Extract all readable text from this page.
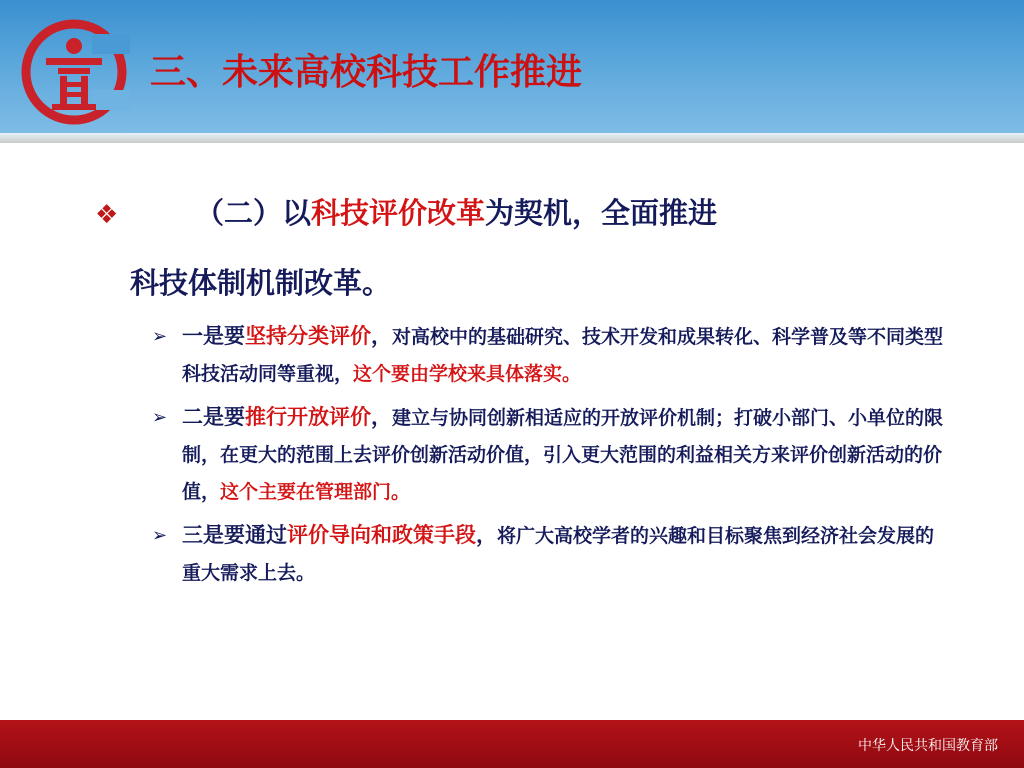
三、未来高校科技工作推进
❖	（二）以科技评价改革为契机，全面推进
科技体制机制改革。
➢ 一是要坚持分类评价，对高校中的基础研究、技术开发和成果转化、科学普及等不同类型科技活动同等重视，这个要由学校来具体落实。
➢ 二是要推行开放评价，建立与协同创新相适应的开放评价机制；打破小部门、小单位的限制，在更大的范围上去评价创新活动价值，引入更大范围的利益相关方来评价创新活动的价值，这个主要在管理部门。
➢ 三是要通过评价导向和政策手段，将广大高校学者的兴趣和目标聚焦到经济社会发展的重大需求上去。
中华人民共和国教育部
